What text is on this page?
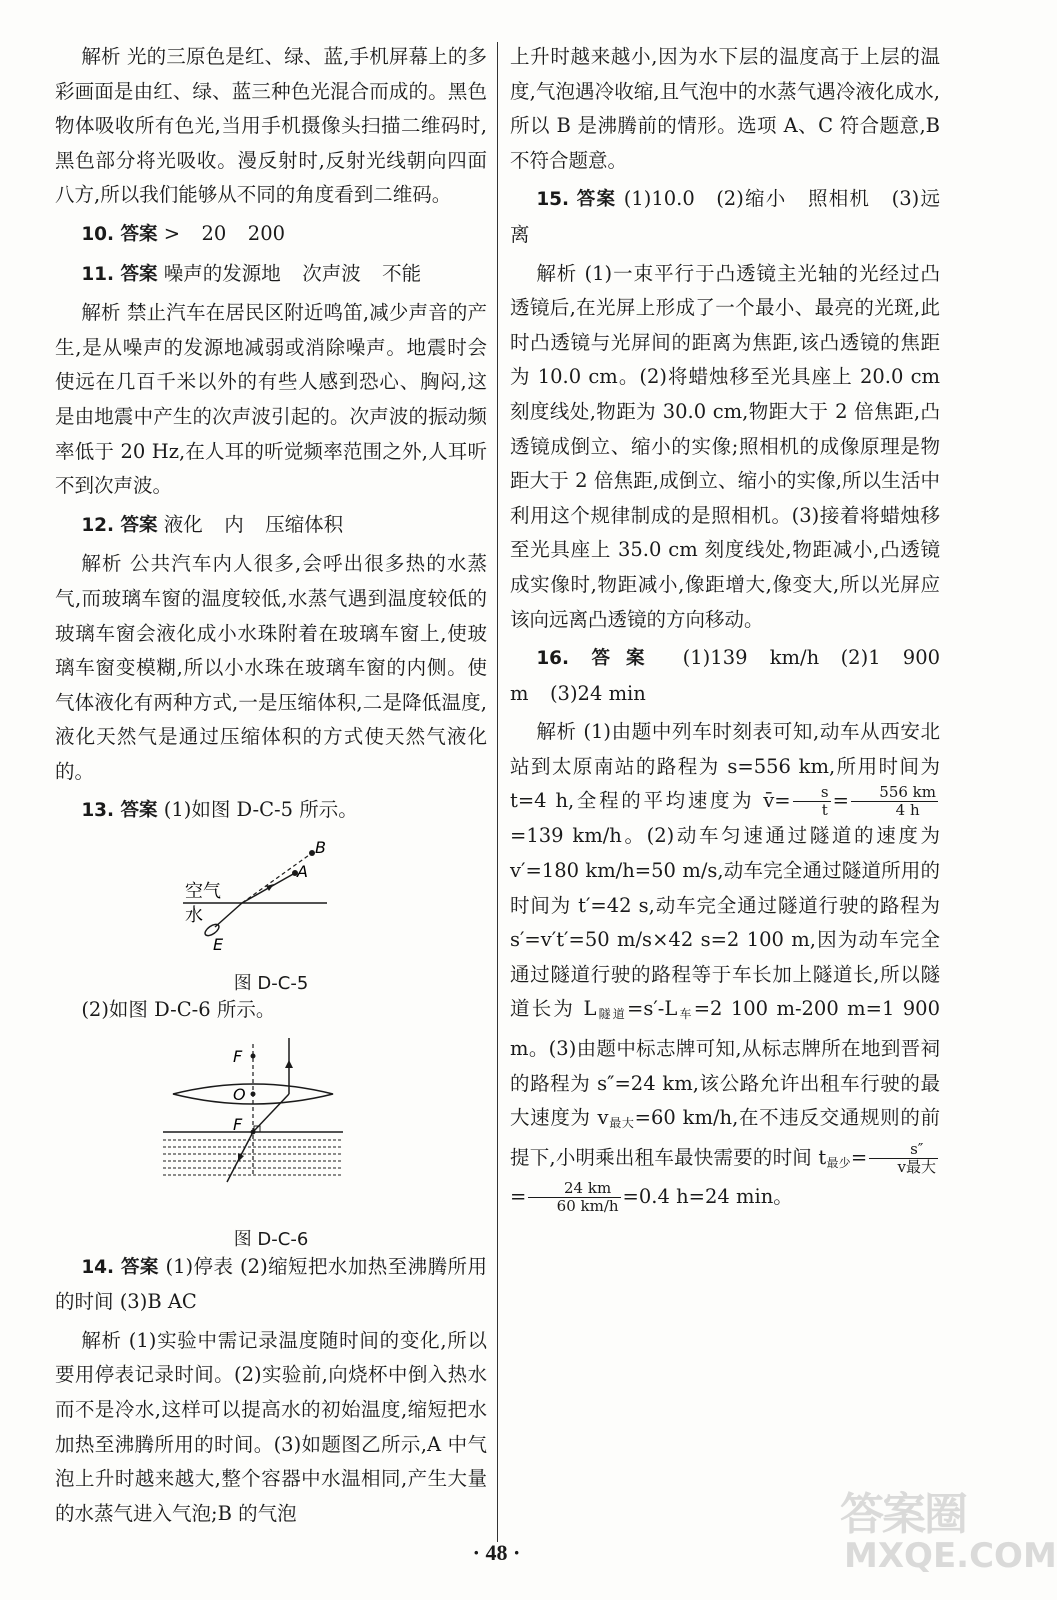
解析 光的三原色是红、绿、蓝,手机屏幕上的多彩画面是由红、绿、蓝三种色光混合而成的。黑色物体吸收所有色光,当用手机摄像头扫描二维码时,黑色部分将光吸收。漫反射时,反射光线朝向四面八方,所以我们能够从不同的角度看到二维码。

10. 答案 > 20 200

11. 答案 噪声的发源地 次声波 不能

解析 禁止汽车在居民区附近鸣笛,减少声音的产生,是从噪声的发源地减弱或消除噪声。地震时会使远在几百千米以外的有些人感到恐心、胸闷,这是由地震中产生的次声波引起的。次声波的振动频率低于 20 Hz,在人耳的听觉频率范围之外,人耳听不到次声波。

12. 答案 液化 内 压缩体积

解析 公共汽车内人很多,会呼出很多热的水蒸气,而玻璃车窗的温度较低,水蒸气遇到温度较低的玻璃车窗会液化成小水珠附着在玻璃车窗上,使玻璃车窗变模糊,所以小水珠在玻璃车窗的内侧。使气体液化有两种方式,一是压缩体积,二是降低温度,液化天然气是通过压缩体积的方式使天然气液化的。

13. 答案 (1)如图 D-C-5 所示。

空气
水
B
A
E
图 D-C-5

(2)如图 D-C-6 所示。

F
O
F
图 D-C-6

14. 答案 (1)停表 (2)缩短把水加热至沸腾所用的时间 (3)B AC

解析 (1)实验中需记录温度随时间的变化,所以要用停表记录时间。(2)实验前,向烧杯中倒入热水而不是冷水,这样可以提高水的初始温度,缩短把水加热至沸腾所用的时间。(3)如题图乙所示,A 中气泡上升时越来越大,整个容器中水温相同,产生大量的水蒸气进入气泡;B 的气泡

上升时越来越小,因为水下层的温度高于上层的温度,气泡遇冷收缩,且气泡中的水蒸气遇冷液化成水,所以 B 是沸腾前的情形。选项 A、C 符合题意,B 不符合题意。

15. 答案 (1)10.0 (2)缩小 照相机 (3)远离

解析 (1)一束平行于凸透镜主光轴的光经过凸透镜后,在光屏上形成了一个最小、最亮的光斑,此时凸透镜与光屏间的距离为焦距,该凸透镜的焦距为 10.0 cm。(2)将蜡烛移至光具座上 20.0 cm 刻度线处,物距为 30.0 cm,物距大于 2 倍焦距,凸透镜成倒立、缩小的实像;照相机的成像原理是物距大于 2 倍焦距,成倒立、缩小的实像,所以生活中利用这个规律制成的是照相机。(3)接着将蜡烛移至光具座上 35.0 cm 刻度线处,物距减小,凸透镜成实像时,物距减小,像距增大,像变大,所以光屏应该向远离凸透镜的方向移动。

16. 答案 (1)139 km/h (2)1 900 m (3)24 min

解析 (1)由题中列车时刻表可知,动车从西安北站到太原南站的路程为 s=556 km,所用时间为 t=4 h,全程的平均速度为 v̄= $\frac{s}{t} = \frac{556 km}{4 h}$
=139 km/h。(2)动车匀速通过隧道的速度为 v′=180 km/h=50 m/s,动车完全通过隧道所用的时间为 t′=42 s,动车完全通过隧道行驶的路程为 s′=v′t′=50 m/s×42 s=2 100 m,因为动车完全通过隧道行驶的路程等于车长加上隧道长,所以隧道长为 $L_{隧道}=s'-L_车=2$ 100 m-200 m=1 900 m。(3)由题中标志牌可知,从标志牌所在地到晋祠的路程为 s″=24 km,该公路允许出租车行驶的最大速度为 $v_{最大}=60$ km/h,在不违反交通规则的前提下,小明乘出租车最快需要的时间 $t_{最少}= \frac{s''}{\text{v最大}}$
= $\frac{24 km}{60 km/h} =0.4$ h=24 min。

· 48 ·
答案圈
MXQE.COM
